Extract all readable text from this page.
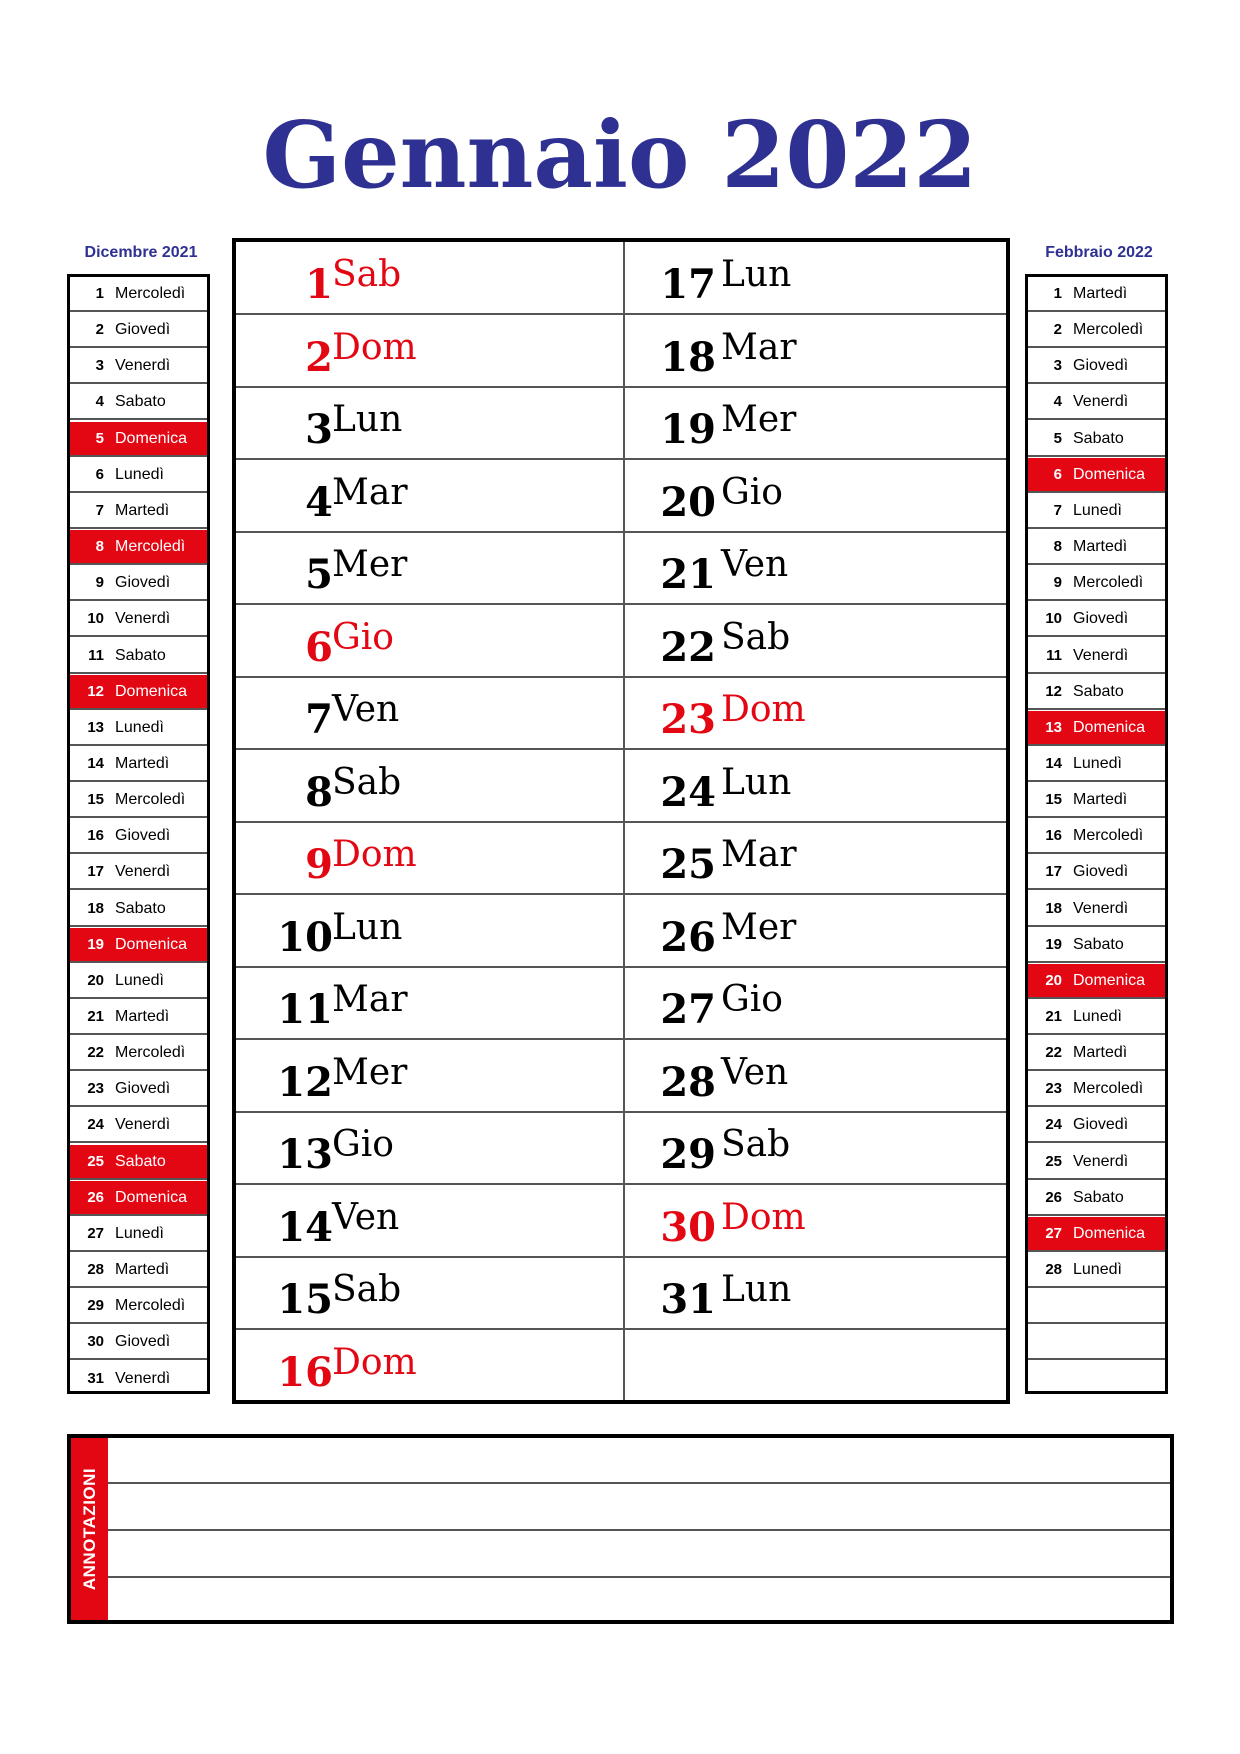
Gennaio 2022
Dicembre 2021
1 Mercoledì
2 Giovedì
3 Venerdì
4 Sabato
5 Domenica
6 Lunedì
7 Martedì
8 Mercoledì
9 Giovedì
10 Venerdì
11 Sabato
12 Domenica
13 Lunedì
14 Martedì
15 Mercoledì
16 Giovedì
17 Venerdì
18 Sabato
19 Domenica
20 Lunedì
21 Martedì
22 Mercoledì
23 Giovedì
24 Venerdì
25 Sabato
26 Domenica
27 Lunedì
28 Martedì
29 Mercoledì
30 Giovedì
31 Venerdì
1 Sab
2 Dom
3 Lun
4 Mar
5 Mer
6 Gio
7 Ven
8 Sab
9 Dom
10 Lun
11 Mar
12 Mer
13 Gio
14 Ven
15 Sab
16 Dom
17 Lun
18 Mar
19 Mer
20 Gio
21 Ven
22 Sab
23 Dom
24 Lun
25 Mar
26 Mer
27 Gio
28 Ven
29 Sab
30 Dom
31 Lun
Febbraio 2022
1 Martedì
2 Mercoledì
3 Giovedì
4 Venerdì
5 Sabato
6 Domenica
7 Lunedì
8 Martedì
9 Mercoledì
10 Giovedì
11 Venerdì
12 Sabato
13 Domenica
14 Lunedì
15 Martedì
16 Mercoledì
17 Giovedì
18 Venerdì
19 Sabato
20 Domenica
21 Lunedì
22 Martedì
23 Mercoledì
24 Giovedì
25 Venerdì
26 Sabato
27 Domenica
28 Lunedì
ANNOTAZIONI
